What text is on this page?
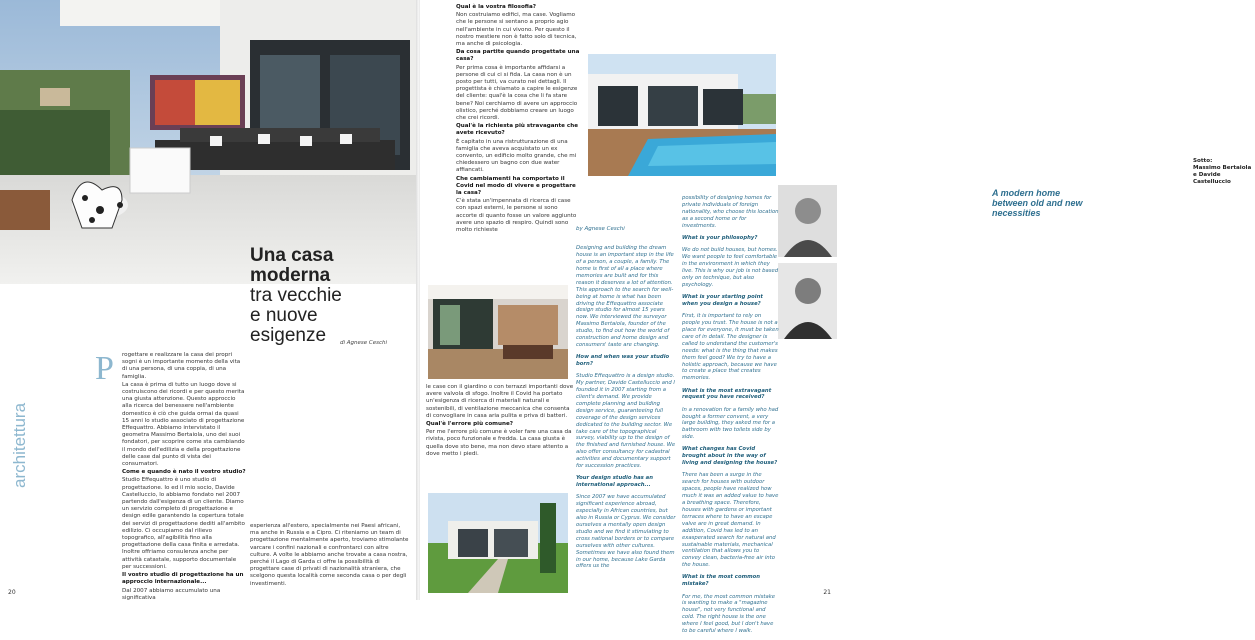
Una casa
moderna
tra vecchie
e nuove
esigenze	di Agnese Ceschi
architettura
P rogettare e realizzare la casa dei propri sogni è un importante momento della vita di una persona, di una coppia, di una famiglia.

La casa è prima di tutto un luogo dove si costruiscono dei ricordi e per questo merita una giusta attenzione. Questo approccio alla ricerca del benessere nell'ambiente domestico è ciò che guida ormai da quasi 15 anni lo studio associato di progettazione Effequattro. Abbiamo intervistato il geometra Massimo Bertaiola, uno dei suoi fondatori, per scoprire come sta cambiando il mondo dell'edilizia e della progettazione delle case dal punto di vista dei consumatori.

Come e quando è nato il vostro studio?

Studio Effequattro è uno studio di progettazione. Io ed il mio socio, Davide Castelluccio, lo abbiamo fondato nel 2007 partendo dall'esigenza di un cliente. Diamo un servizio completo di progettazione e design edile garantendo la copertura totale dei servizi di progettazione dediti all'ambito edilizio. Ci occupiamo dal rilievo topografico, all'agibilità fino alla progettazione della casa finita e arredata. Inoltre offriamo consulenza anche per attività catastale, supporto documentale per successioni.

Il vostro studio di progettazione ha un approccio internazionale...

Dal 2007 abbiamo accumulato una significativa

esperienza all'estero, specialmente nei Paesi africani, ma anche in Russia e a Cipro. Ci riteniamo un team di progettazione mentalmente aperto, troviamo stimolante varcare i confini nazionali e confrontarci con altre culture. A volte le abbiamo anche trovate a casa nostra, perché il Lago di Garda ci offre la possibilità di progettare case di privati di nazionalità straniera, che scelgono questa località come seconda casa o per degli investimenti.

20

Qual è la vostra filosofia?

Non costruiamo edifici, ma case. Vogliamo che le persone si sentano a proprio agio nell'ambiente in cui vivono. Per questo il nostro mestiere non è fatto solo di tecnica, ma anche di psicologia.

Da cosa partite quando progettate una casa?

Per prima cosa è importante affidarsi a persone di cui ci si fida. La casa non è un posto per tutti, va curato nei dettagli. Il progettista è chiamato a capire le esigenze del cliente: qual'è la cosa che li fa stare bene? Noi cerchiamo di avere un approccio olistico, perché dobbiamo creare un luogo che crei ricordi.

Qual'è la richiesta più stravagante che avete ricevuto?

È capitato in una ristrutturazione di una famiglia che aveva acquistato un ex convento, un edificio molto grande, che mi chiedessero un bagno con due water affiancati.

Che cambiamenti ha comportato il Covid nel modo di vivere e progettare la casa?

C'è stata un'impennata di ricerca di case con spazi esterni, le persone si sono accorte di quanto fosse un valore aggiunto avere uno spazio di respiro. Quindi sono molto richieste

le case con il giardino o con terrazzi importanti dove avere valvola di sfogo. Inoltre il Covid ha portato un'esigenza di ricerca di materiali naturali e sostenibili, di ventilazione meccanica che consenta di convogliare in casa aria pulita e priva di batteri.

Qual'è l'errore più comune?

Per me l'errore più comune è voler fare una casa da rivista, poco funzionale e fredda. La casa giusta è quella dove sto bene, ma non devo stare attento a dove metto i piedi.

Sotto:
Massimo Bertaiola e Davide Castelluccio
A modern home between old and new necessities
by Agnese Ceschi

Designing and building the dream house is an important step in the life of a person, a couple, a family. The home is first of all a place where memories are built and for this reason it deserves a lot of attention. This approach to the search for well-being at home is what has been driving the Effequattro associate design studio for almost 15 years now. We interviewed the surveyor Massimo Bertaiola, founder of the studio, to find out how the world of construction and home design and consumers' taste are changing.

How and when was your studio born?

Studio Effequattro is a design studio. My partner, Davide Castelluccio and I founded it in 2007 starting from a client's demand. We provide complete planning and building design service, guaranteeing full coverage of the design services dedicated to the building sector. We take care of the topographical survey, viability up to the design of the finished and furnished house. We also offer consultancy for cadastral activities and documentary support for succession practices.

Your design studio has an international approach...

Since 2007 we have accumulated significant experience abroad, especially in African countries, but also in Russia or Cyprus. We consider ourselves a mentally open design studio and we find it stimulating to cross national borders or to compare ourselves with other cultures. Sometimes we have also found them in our home, because Lake Garda offers us the

possibility of designing homes for private individuals of foreign nationality, who choose this location as a second home or for investments.

What is your philosophy?

We do not build houses, but homes. We want people to feel comfortable in the environment in which they live. This is why our job is not based only on technique, but also psychology.

What is your starting point when you design a house?

First, it is important to rely on people you trust. The house is not a place for everyone, it must be taken care of in detail. The designer is called to understand the customer's needs: what is the thing that makes them feel good? We try to have a holistic approach, because we have to create a place that creates memories.

What is the most extravagant request you have received?

In a renovation for a family who had bought a former convent, a very large building, they asked me for a bathroom with two toilets side by side.

What changes has Covid brought about in the way of living and designing the house?

There has been a surge in the search for houses with outdoor spaces, people have realized how much it was an added value to have a breathing space. Therefore, houses with gardens or important terraces where to have an escape valve are in great demand. In addition, Covid has led to an exasperated search for natural and sustainable materials, mechanical ventilation that allows you to convey clean, bacteria-free air into the house.

What is the most common mistake?

For me, the most common mistake is wanting to make a "magazine house", not very functional and cold. The right house is the one where I feel good, but I don't have to be careful where I walk.

21
